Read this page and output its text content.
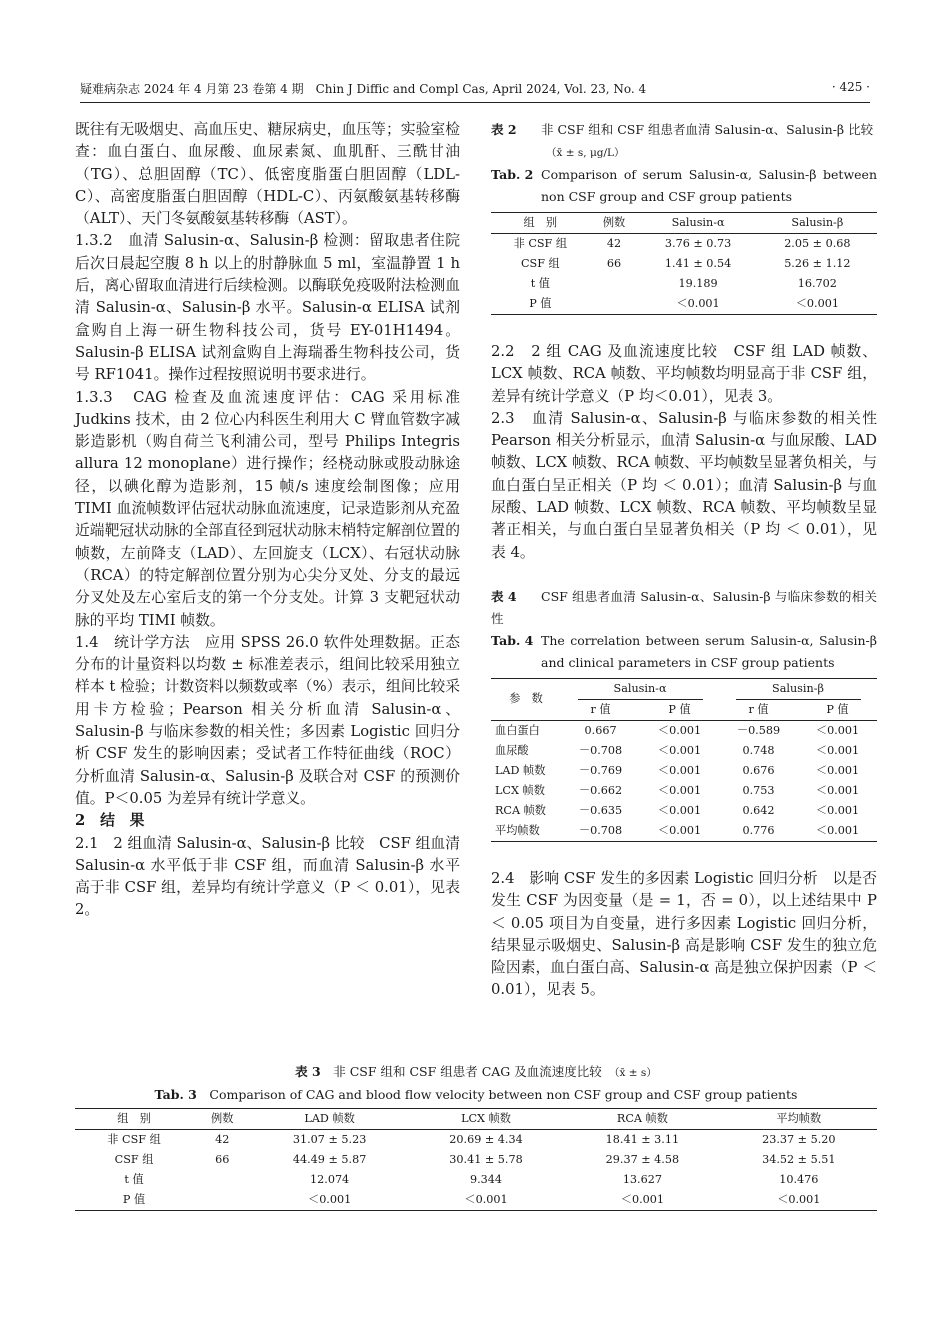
疑难病杂志 2024 年 4 月第 23 卷第 4 期　Chin J Diffic and Compl Cas, April 2024, Vol. 23, No. 4	· 425 ·

既往有无吸烟史、高血压史、糖尿病史，血压等；实验室检查：血白蛋白、血尿酸、血尿素氮、血肌酐、三酰甘油（TG）、总胆固醇（TC）、低密度脂蛋白胆固醇（LDL-C）、高密度脂蛋白胆固醇（HDL-C）、丙氨酸氨基转移酶（ALT）、天门冬氨酸氨基转移酶（AST）。

1.3.2　血清 Salusin-α、Salusin-β 检测：留取患者住院后次日晨起空腹 8 h 以上的肘静脉血 5 ml，室温静置 1 h 后，离心留取血清进行后续检测。以酶联免疫吸附法检测血清 Salusin-α、Salusin-β 水平。Salusin-α ELISA 试剂盒购自上海一研生物科技公司，货号 EY-01H1494。Salusin-β ELISA 试剂盒购自上海瑞番生物科技公司，货号 RF1041。操作过程按照说明书要求进行。

1.3.3　CAG 检查及血流速度评估：CAG 采用标准 Judkins 技术，由 2 位心内科医生利用大 C 臂血管数字减影造影机（购自荷兰飞利浦公司，型号 Philips Integris allura 12 monoplane）进行操作；经桡动脉或股动脉途径，以碘化醇为造影剂，15 帧/s 速度绘制图像；应用 TIMI 血流帧数评估冠状动脉血流速度，记录造影剂从充盈近端靶冠状动脉的全部直径到冠状动脉末梢特定解剖位置的帧数，左前降支（LAD）、左回旋支（LCX）、右冠状动脉（RCA）的特定解剖位置分别为心尖分叉处、分支的最远分叉处及左心室后支的第一个分支处。计算 3 支靶冠状动脉的平均 TIMI 帧数。

1.4　统计学方法　应用 SPSS 26.0 软件处理数据。正态分布的计量资料以均数 ± 标准差表示，组间比较采用独立样本 t 检验；计数资料以频数或率（%）表示，组间比较采用卡方检验；Pearson 相关分析血清 Salusin-α、Salusin-β 与临床参数的相关性；多因素 Logistic 回归分析 CSF 发生的影响因素；受试者工作特征曲线（ROC）分析血清 Salusin-α、Salusin-β 及联合对 CSF 的预测价值。P＜0.05 为差异有统计学意义。

2　结　果

2.1　2 组血清 Salusin-α、Salusin-β 比较　CSF 组血清 Salusin-α 水平低于非 CSF 组，而血清 Salusin-β 水平高于非 CSF 组，差异均有统计学意义（P ＜ 0.01），见表 2。

表 2 非 CSF 组和 CSF 组患者血清 Salusin-α、Salusin-β 比较
（x̄ ± s, μg/L）
Tab. 2 Comparison of serum Salusin-α, Salusin-β between non CSF group and CSF group patients
组　别	例数	Salusin-α	Salusin-β
非 CSF 组	42	3.76 ± 0.73	2.05 ± 0.68
CSF 组	66	1.41 ± 0.54	5.26 ± 1.12
t 值		19.189	16.702
P 值		＜0.001	＜0.001

2.2　2 组 CAG 及血流速度比较　CSF 组 LAD 帧数、LCX 帧数、RCA 帧数、平均帧数均明显高于非 CSF 组，差异有统计学意义（P 均＜0.01），见表 3。

2.3　血清 Salusin-α、Salusin-β 与临床参数的相关性　Pearson 相关分析显示，血清 Salusin-α 与血尿酸、LAD 帧数、LCX 帧数、RCA 帧数、平均帧数呈显著负相关，与血白蛋白呈正相关（P 均 ＜ 0.01）；血清 Salusin-β 与血尿酸、LAD 帧数、LCX 帧数、RCA 帧数、平均帧数呈显著正相关，与血白蛋白呈显著负相关（P 均 ＜ 0.01），见表 4。

表 4 CSF 组患者血清 Salusin-α、Salusin-β 与临床参数的相关性
Tab. 4 The correlation between serum Salusin-α, Salusin-β and clinical parameters in CSF group patients
参　数	Salusin-α		Salusin-β	
	r 值	P 值	r 值	P 值
血白蛋白	0.667	＜0.001	－0.589	＜0.001
血尿酸	－0.708	＜0.001	0.748	＜0.001
LAD 帧数	－0.769	＜0.001	0.676	＜0.001
LCX 帧数	－0.662	＜0.001	0.753	＜0.001
RCA 帧数	－0.635	＜0.001	0.642	＜0.001
平均帧数	－0.708	＜0.001	0.776	＜0.001

2.4　影响 CSF 发生的多因素 Logistic 回归分析　以是否发生 CSF 为因变量（是 = 1，否 = 0），以上述结果中 P ＜ 0.05 项目为自变量，进行多因素 Logistic 回归分析，结果显示吸烟史、Salusin-β 高是影响 CSF 发生的独立危险因素，血白蛋白高、Salusin-α 高是独立保护因素（P ＜ 0.01），见表 5。

表 3　 非 CSF 组和 CSF 组患者 CAG 及血流速度比较　 （x̄ ± s）
Tab. 3　 Comparison of CAG and blood flow velocity between non CSF group and CSF group patients
组　别	例数	LAD 帧数	LCX 帧数	RCA 帧数	平均帧数
非 CSF 组	42	31.07 ± 5.23	20.69 ± 4.34	18.41 ± 3.11	23.37 ± 5.20
CSF 组	66	44.49 ± 5.87	30.41 ± 5.78	29.37 ± 4.58	34.52 ± 5.51
t 值		12.074	9.344	13.627	10.476
P 值		＜0.001	＜0.001	＜0.001	＜0.001
